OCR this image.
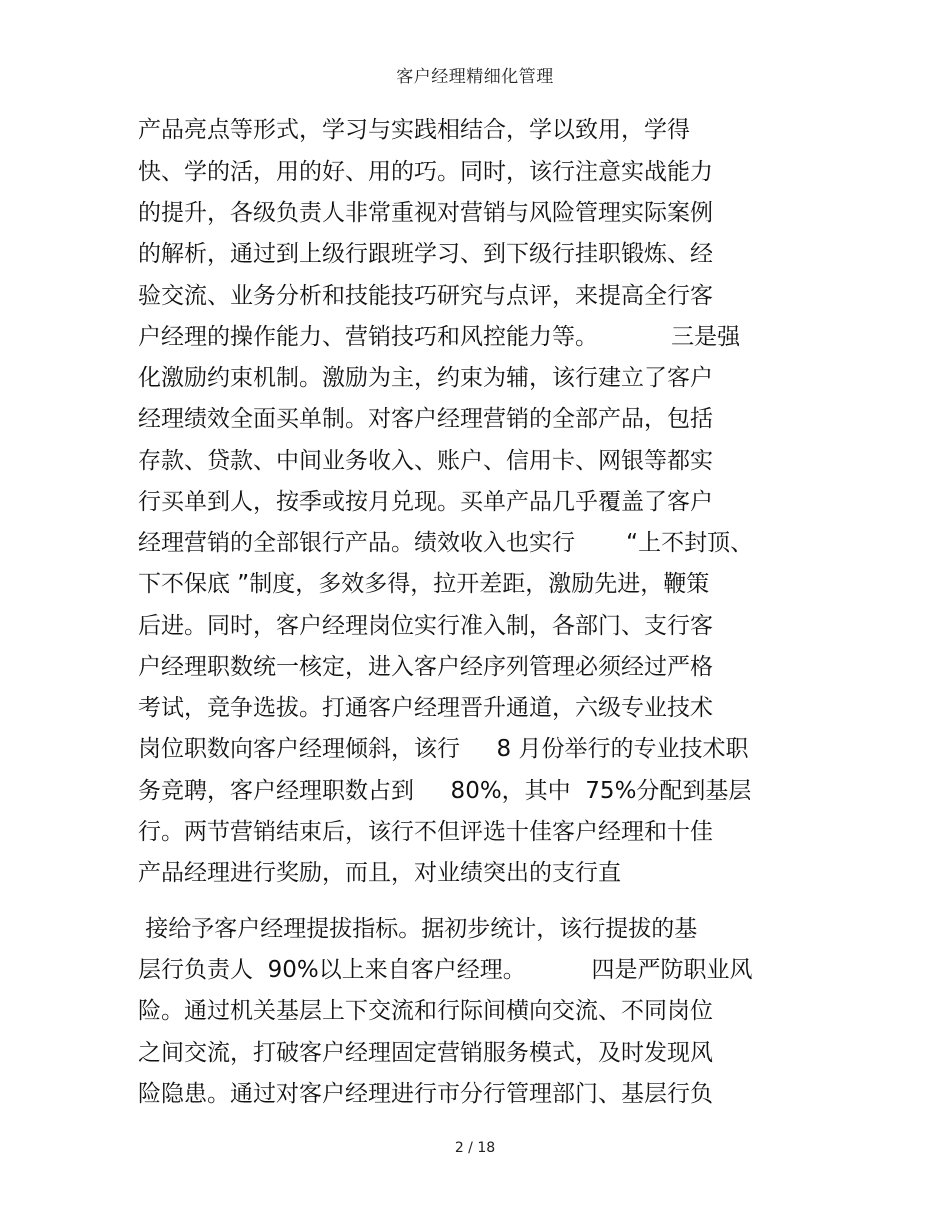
客户经理精细化管理
产品亮点等形式，学习与实践相结合，学以致用，学得
快、学的活，用的好、用的巧。同时，该行注意实战能力
的提升，各级负责人非常重视对营销与风险管理实际案例
的解析，通过到上级行跟班学习、到下级行挂职锻炼、经
验交流、业务分析和技能技巧研究与点评，来提高全行客
户经理的操作能力、营销技巧和风控能力等。          三是强
化激励约束机制。激励为主，约束为辅，该行建立了客户
经理绩效全面买单制。对客户经理营销的全部产品，包括
存款、贷款、中间业务收入、账户、信用卡、网银等都实
行买单到人，按季或按月兑现。买单产品几乎覆盖了客户
经理营销的全部银行产品。绩效收入也实行       “上不封顶、
下不保底 ”制度，多效多得，拉开差距，激励先进，鞭策
后进。同时，客户经理岗位实行准入制，各部门、支行客
户经理职数统一核定，进入客户经序列管理必须经过严格
考试，竞争选拔。打通客户经理晋升通道，六级专业技术
岗位职数向客户经理倾斜，该行     8 月份举行的专业技术职
务竞聘，客户经理职数占到     80%，其中  75%分配到基层
行。两节营销结束后，该行不但评选十佳客户经理和十佳
产品经理进行奖励，而且，对业绩突出的支行直
接给予客户经理提拔指标。据初步统计，该行提拔的基
层行负责人  90%以上来自客户经理。         四是严防职业风
险。通过机关基层上下交流和行际间横向交流、不同岗位
之间交流，打破客户经理固定营销服务模式，及时发现风
险隐患。通过对客户经理进行市分行管理部门、基层行负
2 / 18
